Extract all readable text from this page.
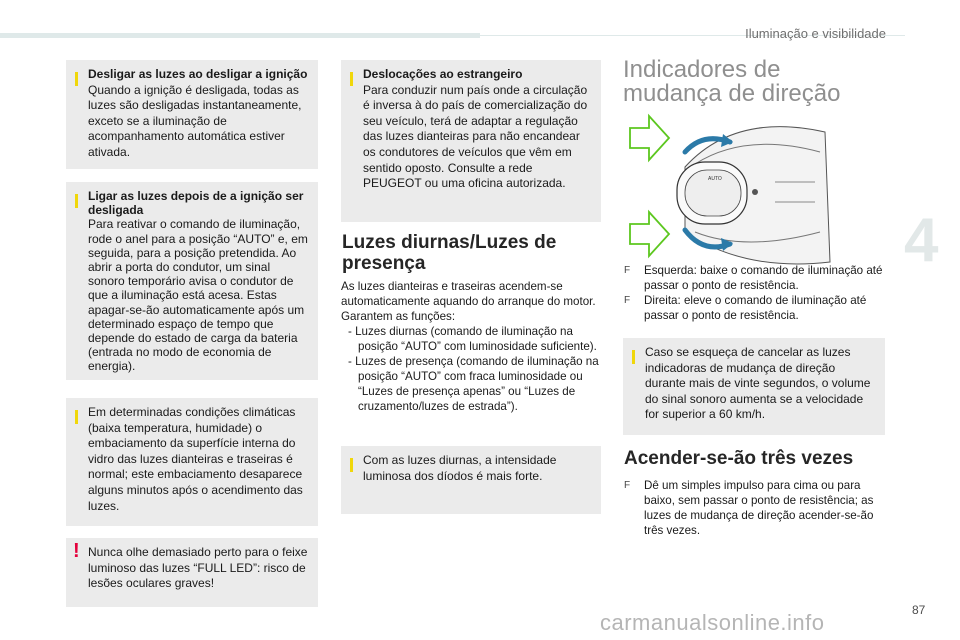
Iluminação e visibilidade
4
Desligar as luzes ao desligar a ignição
Quando a ignição é desligada, todas as luzes são desligadas instantaneamente, exceto se a iluminação de acompanhamento automática estiver ativada.
Ligar as luzes depois de a ignição ser desligada
Para reativar o comando de iluminação, rode o anel para a posição “AUTO” e, em seguida, para a posição pretendida. Ao abrir a porta do condutor, um sinal sonoro temporário avisa o condutor de que a iluminação está acesa. Estas apagar-se-ão automaticamente após um determinado espaço de tempo que depende do estado de carga da bateria (entrada no modo de economia de energia).
Em determinadas condições climáticas (baixa temperatura, humidade) o embaciamento da superfície interna do vidro das luzes dianteiras e traseiras é normal; este embaciamento desaparece alguns minutos após o acendimento das luzes.
! Nunca olhe demasiado perto para o feixe luminoso das luzes “FULL LED”: risco de lesões oculares graves!
Deslocações ao estrangeiro
Para conduzir num país onde a circulação é inversa à do país de comercialização do seu veículo, terá de adaptar a regulação das luzes dianteiras para não encandear os condutores de veículos que vêm em sentido oposto. Consulte a rede PEUGEOT ou uma oficina autorizada.
Luzes diurnas/Luzes de presença
As luzes dianteiras e traseiras acendem-se automaticamente aquando do arranque do motor. Garantem as funções:
- Luzes diurnas (comando de iluminação na posição “AUTO” com luminosidade suficiente).
- Luzes de presença (comando de iluminação na posição “AUTO” com fraca luminosidade ou “Luzes de presença apenas” ou “Luzes de cruzamento/luzes de estrada”).
Com as luzes diurnas, a intensidade luminosa dos díodos é mais forte.
Indicadores de mudança de direção
AUTO
F	Esquerda: baixe o comando de iluminação até passar o ponto de resistência.
F	Direita: eleve o comando de iluminação até passar o ponto de resistência.
Caso se esqueça de cancelar as luzes indicadoras de mudança de direção durante mais de vinte segundos, o volume do sinal sonoro aumenta se a velocidade for superior a 60 km/h.
Acender-se-ão três vezes
F	Dê um simples impulso para cima ou para baixo, sem passar o ponto de resistência; as luzes de mudança de direção acender-se-ão três vezes.
carmanualsonline.info	87
